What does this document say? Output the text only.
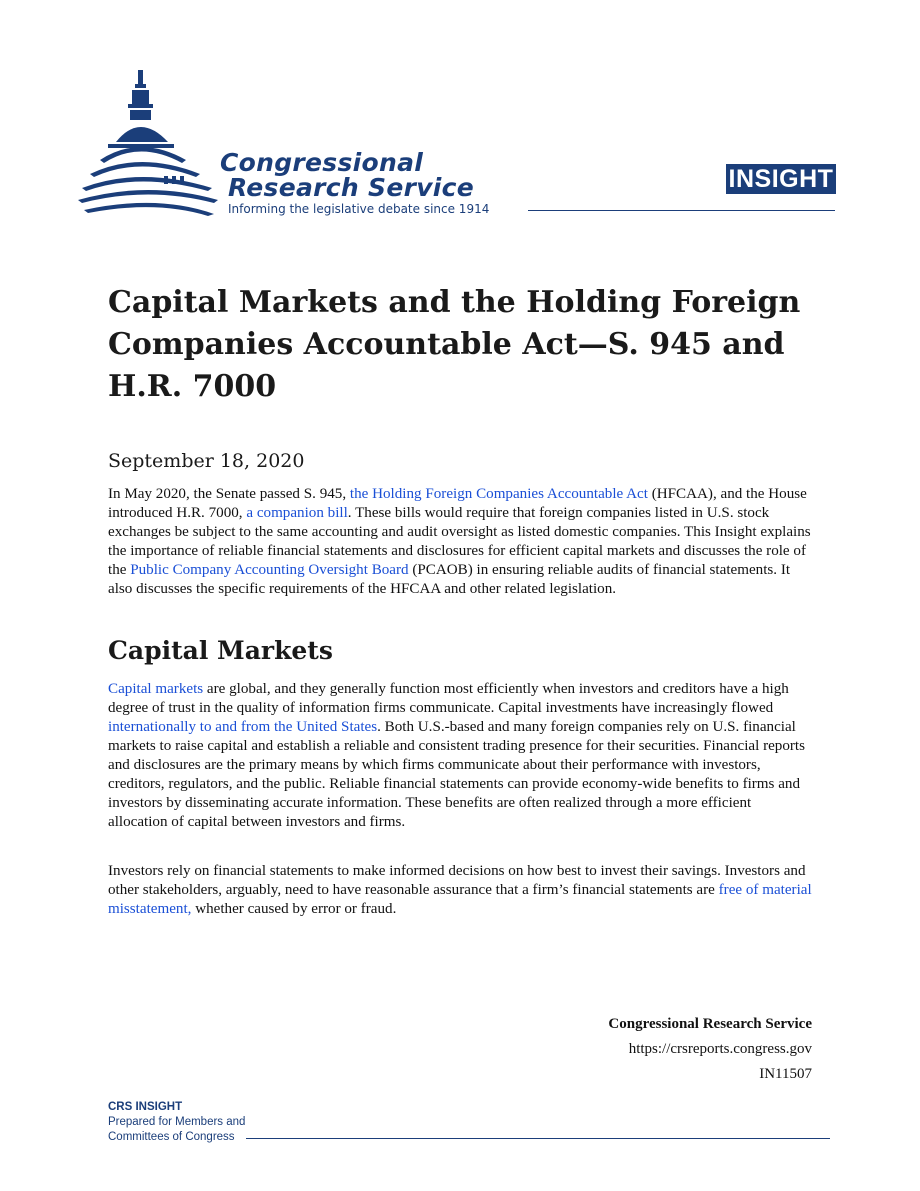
Congressional
Research Service
Informing the legislative debate since 1914
INSIGHT
Capital Markets and the Holding Foreign Companies Accountable Act—S. 945 and H.R. 7000

September 18, 2020

In May 2020, the Senate passed S. 945, the Holding Foreign Companies Accountable Act (HFCAA), and the House introduced H.R. 7000, a companion bill. These bills would require that foreign companies listed in U.S. stock exchanges be subject to the same accounting and audit oversight as listed domestic companies. This Insight explains the importance of reliable financial statements and disclosures for efficient capital markets and discusses the role of the Public Company Accounting Oversight Board (PCAOB) in ensuring reliable audits of financial statements. It also discusses the specific requirements of the HFCAA and other related legislation.

Capital Markets

Capital markets are global, and they generally function most efficiently when investors and creditors have a high degree of trust in the quality of information firms communicate. Capital investments have increasingly flowed internationally to and from the United States. Both U.S.-based and many foreign companies rely on U.S. financial markets to raise capital and establish a reliable and consistent trading presence for their securities. Financial reports and disclosures are the primary means by which firms communicate about their performance with investors, creditors, regulators, and the public. Reliable financial statements can provide economy-wide benefits to firms and investors by disseminating accurate information. These benefits are often realized through a more efficient allocation of capital between investors and firms.

Investors rely on financial statements to make informed decisions on how best to invest their savings. Investors and other stakeholders, arguably, need to have reasonable assurance that a firm’s financial statements are free of material misstatement, whether caused by error or fraud.

Congressional Research Service
https://crsreports.congress.gov
IN11507
CRS INSIGHT
Prepared for Members and
Committees of Congress
